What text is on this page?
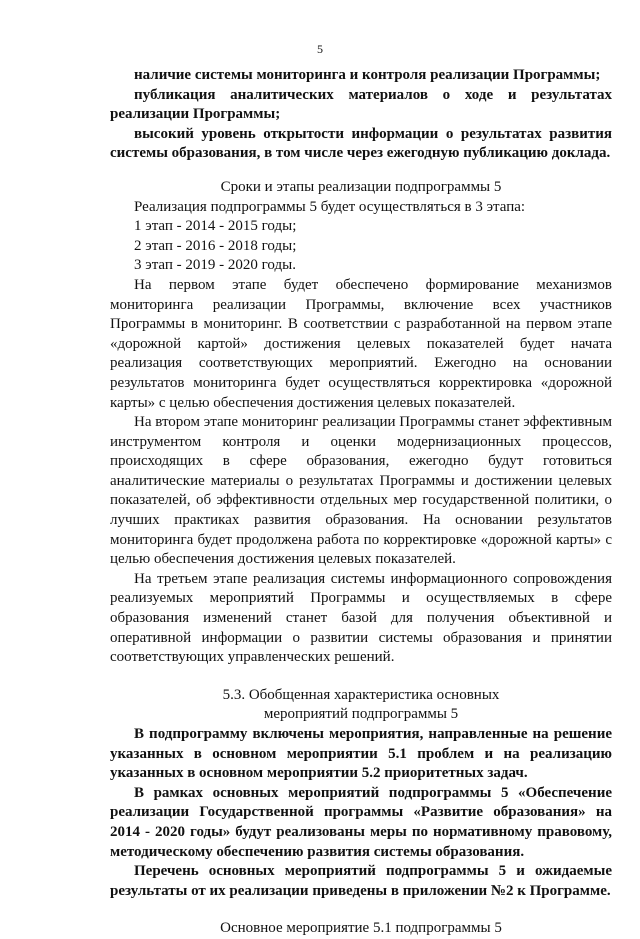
5

наличие системы мониторинга и контроля реализации Программы;

публикация аналитических материалов о ходе и результатах реализации Программы;

высокий уровень открытости информации о результатах развития системы образования, в том числе через ежегодную публикацию доклада.

Сроки и этапы реализации подпрограммы 5

Реализация подпрограммы 5 будет осуществляться в 3 этапа:

1 этап - 2014 - 2015 годы;

2 этап - 2016 - 2018 годы;

3 этап - 2019 - 2020 годы.

На первом этапе будет обеспечено формирование механизмов мониторинга реализации Программы, включение всех участников Программы в мониторинг. В соответствии с разработанной на первом этапе «дорожной картой» достижения целевых показателей будет начата реализация соответствующих мероприятий. Ежегодно на основании результатов мониторинга будет осуществляться корректировка «дорожной карты» с целью обеспечения достижения целевых показателей.

На втором этапе мониторинг реализации Программы станет эффективным инструментом контроля и оценки модернизационных процессов, происходящих в сфере образования, ежегодно будут готовиться аналитические материалы о результатах Программы и достижении целевых показателей, об эффективности отдельных мер государственной политики, о лучших практиках развития образования. На основании результатов мониторинга будет продолжена работа по корректировке «дорожной карты» с целью обеспечения достижения целевых показателей.

На третьем этапе реализация системы информационного сопровождения реализуемых мероприятий Программы и осуществляемых в сфере образования изменений станет базой для получения объективной и оперативной информации о развитии системы образования и принятии соответствующих управленческих решений.

5.3. Обобщенная характеристика основных

мероприятий подпрограммы 5

В подпрограмму включены мероприятия, направленные на решение указанных в основном мероприятии 5.1 проблем и на реализацию указанных в основном мероприятии 5.2 приоритетных задач.

В рамках основных мероприятий подпрограммы 5 «Обеспечение реализации Государственной программы «Развитие образования» на 2014 - 2020 годы» будут реализованы меры по нормативному правовому, методическому обеспечению развития системы образования.

Перечень основных мероприятий подпрограммы 5 и ожидаемые результаты от их реализации приведены в приложении №2 к Программе.

Основное мероприятие 5.1 подпрограммы 5
